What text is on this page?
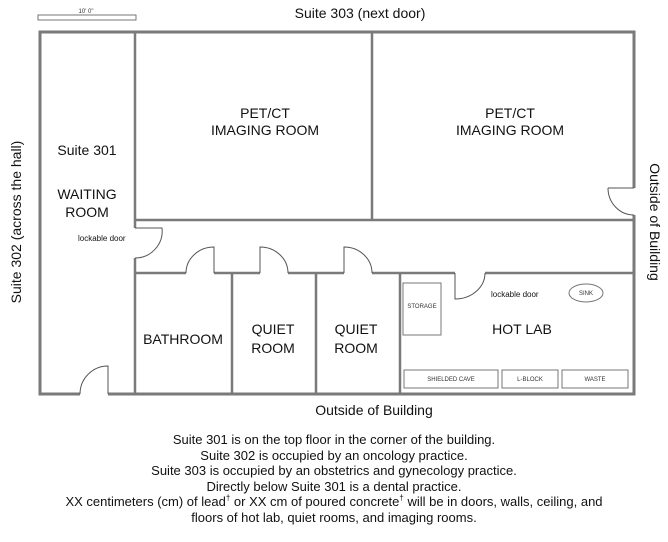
10' 0"
STORAGE
SINK
SHIELDED CAVE	L-BLOCK	WASTE
Suite 301
WAITING
ROOM
lockable door
PET/CT
IMAGING ROOM
PET/CT
IMAGING ROOM
BATHROOM
QUIET
ROOM
QUIET
ROOM
HOT LAB
lockable door
Suite 303 (next door)
Outside of Building
Suite 302 (across the hall)	Outside of Building
Suite 301 is on the top floor in the corner of the building.
Suite 302 is occupied by an oncology practice.
Suite 303 is occupied by an obstetrics and gynecology practice.
Directly below Suite 301 is a dental practice.
XX centimeters (cm) of lead† or XX cm of poured concrete† will be in doors, walls, ceiling, and
floors of hot lab, quiet rooms, and imaging rooms.
